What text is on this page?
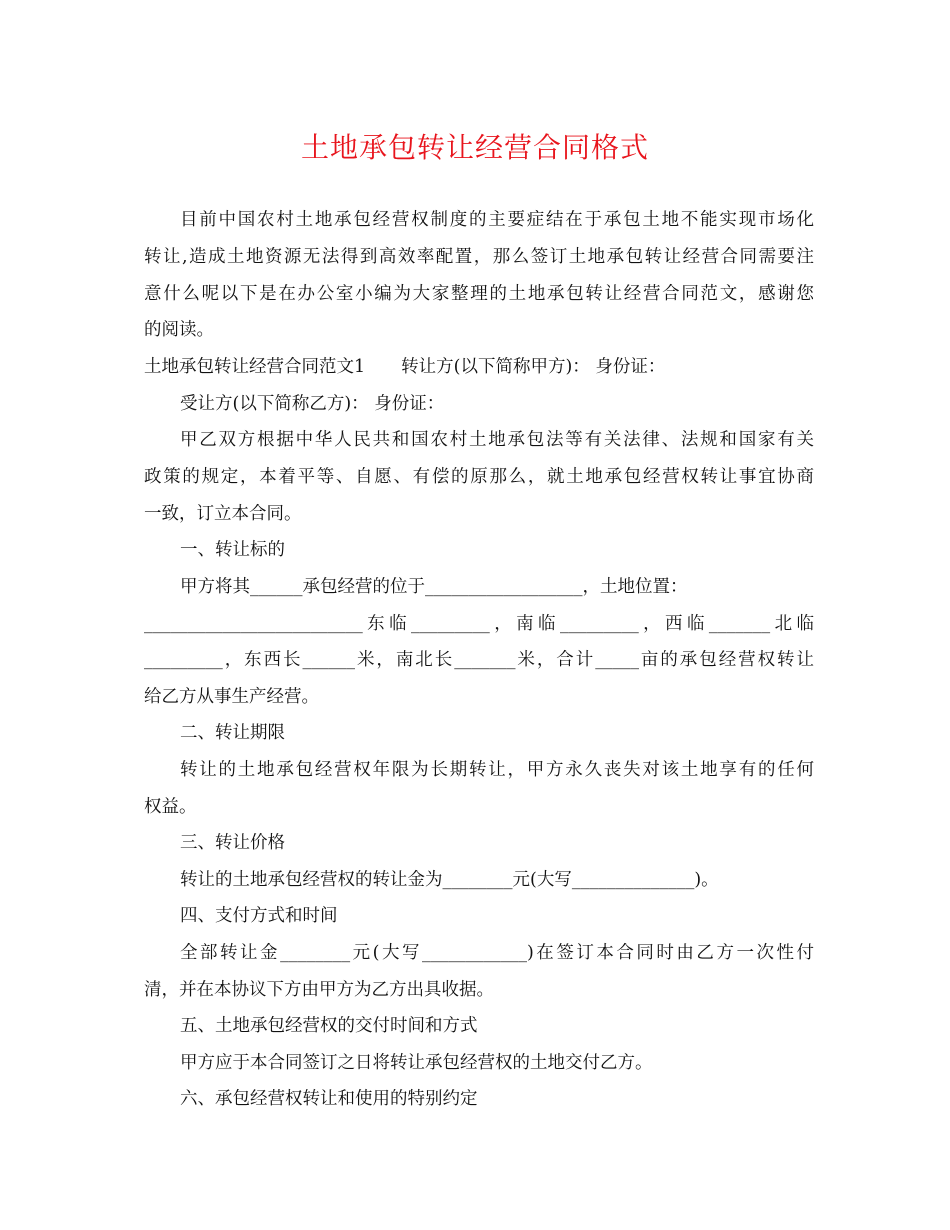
土地承包转让经营合同格式
目前中国农村土地承包经营权制度的主要症结在于承包土地不能实现市场化
转让,造成土地资源无法得到高效率配置，那么签订土地承包转让经营合同需要注
意什么呢以下是在办公室小编为大家整理的土地承包转让经营合同范文，感谢您
的阅读。
土地承包转让经营合同范文1 转让方(以下简称甲方)： 身份证：
受让方(以下简称乙方)： 身份证：
甲乙双方根据中华人民共和国农村土地承包法等有关法律、法规和国家有关
政策的规定，本着平等、自愿、有偿的原那么，就土地承包经营权转让事宜协商
一致，订立本合同。
一、转让标的
甲方将其______承包经营的位于__________________，土地位置：
_________________________东临_________，南临_________，西临_______北临
_________，东西长______米，南北长_______米，合计_____亩的承包经营权转让
给乙方从事生产经营。
二、转让期限
转让的土地承包经营权年限为长期转让，甲方永久丧失对该土地享有的任何
权益。
三、转让价格
转让的土地承包经营权的转让金为________元(大写______________)。
四、支付方式和时间
全部转让金________元(大写____________)在签订本合同时由乙方一次性付
清，并在本协议下方由甲方为乙方出具收据。
五、土地承包经营权的交付时间和方式
甲方应于本合同签订之日将转让承包经营权的土地交付乙方。
六、承包经营权转让和使用的特别约定
